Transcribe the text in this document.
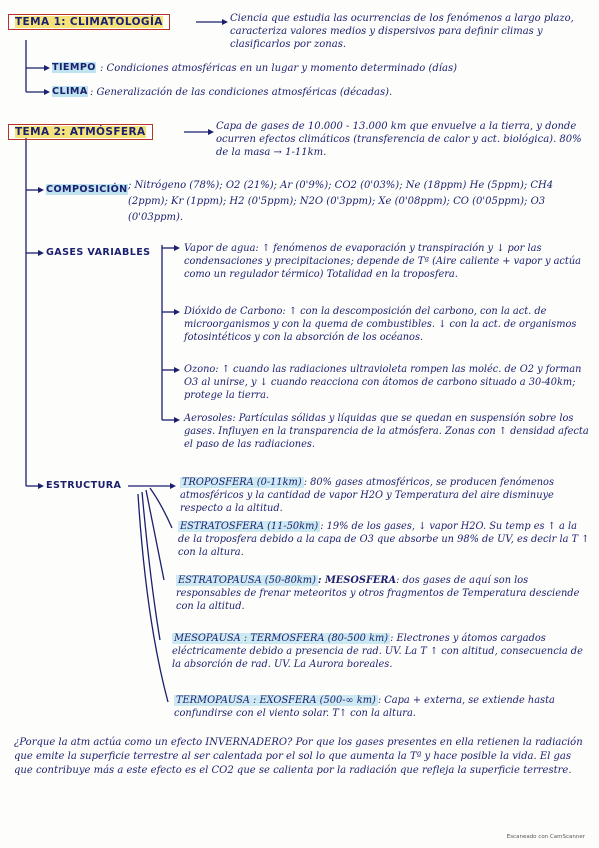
TEMA 1: CLIMATOLOGÍA	Ciencia que estudia las ocurrencias de los fenómenos a largo plazo, caracteriza valores medios y dispersivos para definir climas y clasificarlos por zonas.
TIEMPO : Condiciones atmosféricas en un lugar y momento determinado (días)
CLIMA : Generalización de las condiciones atmosféricas (décadas).
TEMA 2: ATMÓSFERA	Capa de gases de 10.000 - 13.000 km que envuelve a la tierra, y donde ocurren efectos climáticos (transferencia de calor y act. biológica). 80% de la masa → 1-11km.
COMPOSICIÓN ; Nitrógeno (78%); O2 (21%); Ar (0'9%); CO2 (0'03%); Ne (18ppm) He (5ppm); CH4 (2ppm); Kr (1ppm); H2 (0'5ppm); N2O (0'3ppm); Xe (0'08ppm); CO (0'05ppm); O3 (0'03ppm).
GASES VARIABLES	Vapor de agua: ↑ fenómenos de evaporación y transpiración y ↓ por las condensaciones y precipitaciones; depende de Tª (Aire caliente + vapor y actúa como un regulador térmico) Totalidad en la troposfera.
Dióxido de Carbono: ↑ con la descomposición del carbono, con la act. de microorganismos y con la quema de combustibles. ↓ con la act. de organismos fotosintéticos y con la absorción de los océanos.
Ozono: ↑ cuando las radiaciones ultravioleta rompen las moléc. de O2 y forman O3 al unirse, y ↓ cuando reacciona con átomos de carbono situado a 30-40km; protege la tierra.
Aerosoles: Partículas sólidas y líquidas que se quedan en suspensión sobre los gases. Influyen en la transparencia de la atmósfera. Zonas con ↑ densidad afecta el paso de las radiaciones.
ESTRUCTURA	TROPOSFERA (0-11km) : 80% gases atmosféricos, se producen fenómenos atmosféricos y la cantidad de vapor H2O y Temperatura del aire disminuye respecto a la altitud.
ESTRATOSFERA (11-50km) : 19% de los gases, ↓ vapor H2O. Su temp es ↑ a la de la troposfera debido a la capa de O3 que absorbe un 98% de UV, es decir la T ↑ con la altura.
ESTRATOPAUSA (50-80km) : MESOSFERA: dos gases de aquí son los responsables de frenar meteoritos y otros fragmentos de Temperatura desciende con la altitud.
MESOPAUSA : TERMOSFERA (80-500 km) : Electrones y átomos cargados eléctricamente debido a presencia de rad. UV. La T ↑ con altitud, consecuencia de la absorción de rad. UV. La Aurora boreales.
TERMOPAUSA : EXOSFERA (500-∞ km) : Capa + externa, se extiende hasta confundirse con el viento solar. T↑ con la altura.
¿Porque la atm actúa como un efecto INVERNADERO? Por que los gases presentes en ella retienen la radiación que emite la superficie terrestre al ser calentada por el sol lo que aumenta la Tª y hace posible la vida. El gas que contribuye más a este efecto es el CO2 que se calienta por la radiación que refleja la superficie terrestre.
Escaneado con CamScanner
